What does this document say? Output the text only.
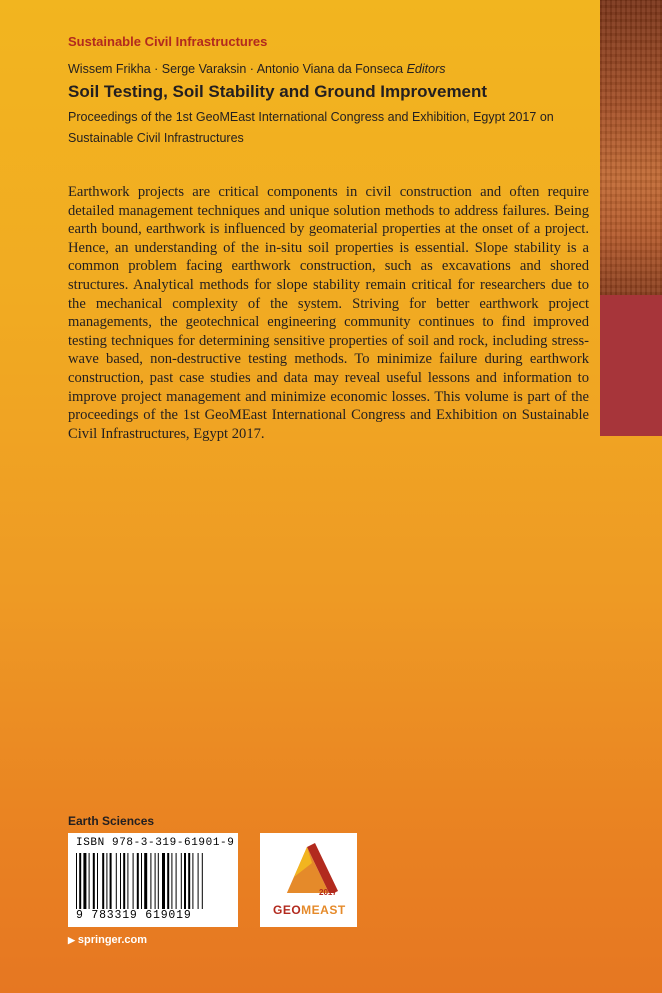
Sustainable Civil Infrastructures
Wissem Frikha · Serge Varaksin · Antonio Viana da Fonseca Editors
Soil Testing, Soil Stability and Ground Improvement
Proceedings of the 1st GeoMEast International Congress and Exhibition, Egypt 2017 on Sustainable Civil Infrastructures

Earthwork projects are critical components in civil construction and often require detailed management techniques and unique solution methods to address failures. Being earth bound, earthwork is influenced by geomaterial properties at the onset of a project. Hence, an understanding of the in-situ soil properties is essential. Slope stability is a common problem facing earthwork construction, such as excavations and shored structures. Analytical methods for slope stability remain critical for researchers due to the mechanical complexity of the system. Striving for better earthwork project managements, the geotechnical engineering community continues to find improved testing techniques for determining sensitive properties of soil and rock, including stress-wave based, non-destructive testing methods. To minimize failure during earthwork construction, past case studies and data may reveal useful lessons and information to improve project management and minimize economic losses. This volume is part of the proceedings of the 1st GeoMEast International Congress and Exhibition on Sustainable Civil Infrastructures, Egypt 2017.

Earth Sciences
ISBN 978-3-319-61901-9
9 783319 619019
2017
GEOMEAST
▶ springer.com
